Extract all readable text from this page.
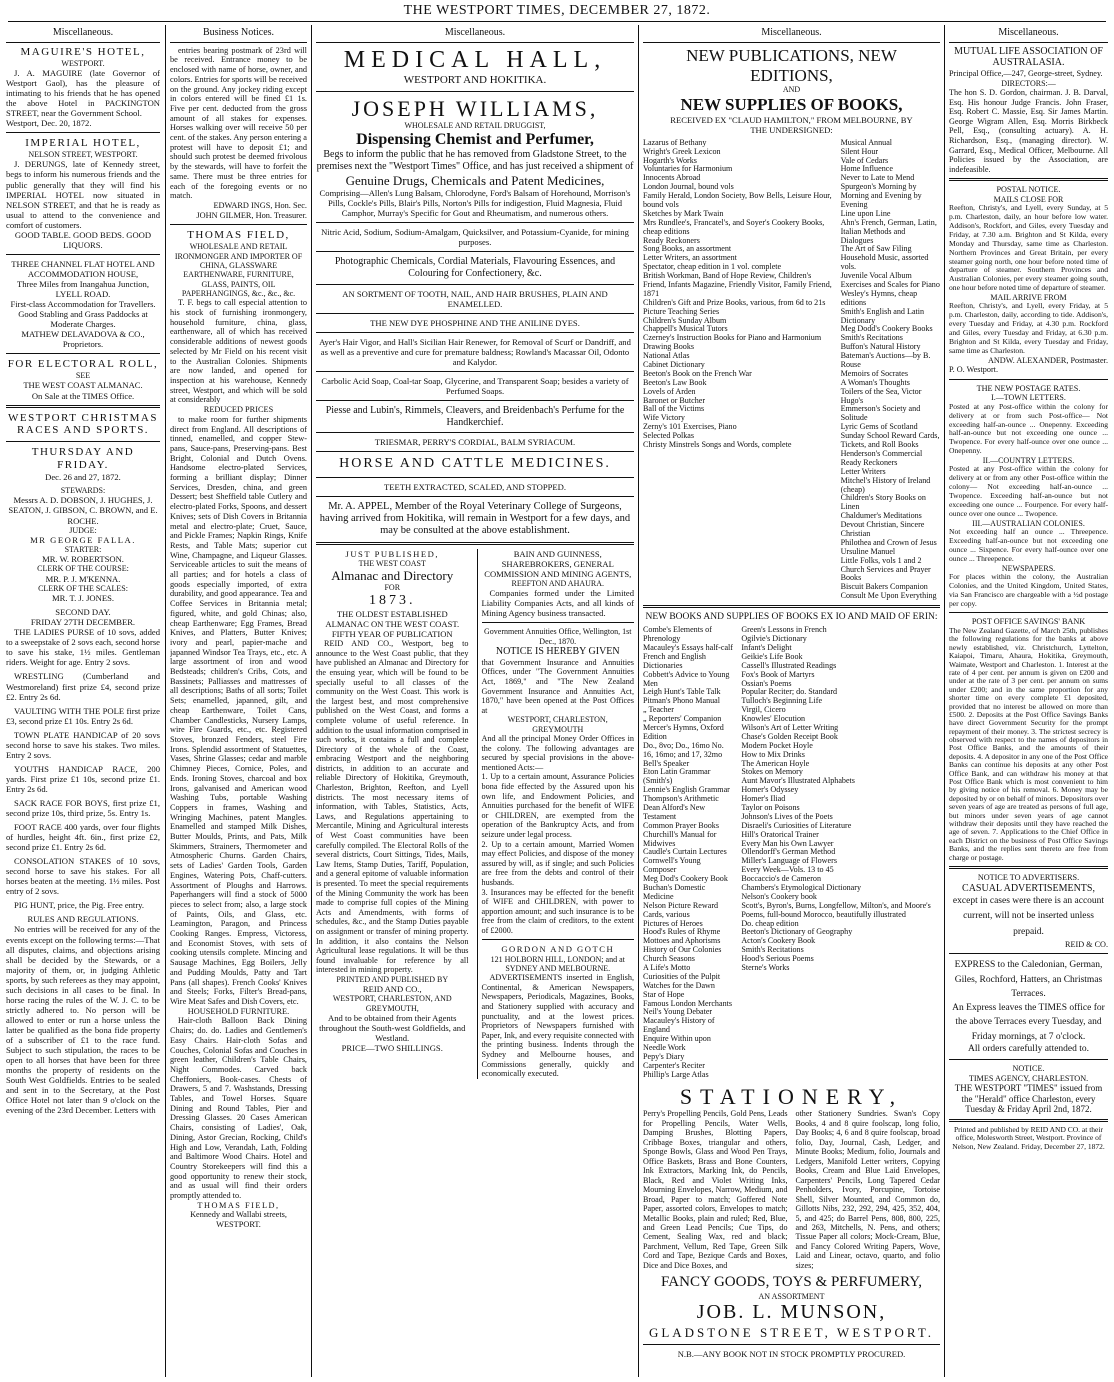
THE WESTPORT TIMES, DECEMBER 27, 1872.
Miscellaneous.
MAGUIRE'S HOTEL,
WESTPORT.
J. A. MAGUIRE (late Governor of Westport Gaol), has the pleasure of intimating to his friends that he has opened the above Hotel in PACKINGTON STREET, near the Government School.
Westport, Dec. 20, 1872.
IMPERIAL HOTEL,
NELSON STREET, WESTPORT.
J. DERUNGS, late of Kennedy street, begs to inform his numerous friends and the public generally that they will find his IMPERIAL HOTEL now situated in NELSON STREET, and that he is ready as usual to attend to the convenience and comfort of customers.
GOOD TABLE. GOOD BEDS. GOOD LIQUORS.
THREE CHANNEL FLAT HOTEL AND ACCOMMODATION HOUSE,
Three Miles from Inangahua Junction, LYELL ROAD.
First-class Accommodation for Travellers.
Good Stabling and Grass Paddocks at Moderate Charges.
MATHEW DELAVADOVA & CO., Proprietors.
FOR ELECTORAL ROLL,
SEE
THE WEST COAST ALMANAC.
On Sale at the TIMES Office.
WESTPORT CHRISTMAS RACES AND SPORTS.
THURSDAY AND FRIDAY.
Dec. 26 and 27, 1872.
STEWARDS:
Messrs A. D. DOBSON, J. HUGHES, J. SEATON, J. GIBSON, C. BROWN, and E. ROCHE.
JUDGE:
MR GEORGE FALLA.
STARTER:
MR. W. ROBERTSON.
CLERK OF THE COURSE:
MR. P. J. M'KENNA.
CLERK OF THE SCALES:
MR. T. J. JONES.
SECOND DAY.
FRIDAY 27TH DECEMBER.
THE LADIES PURSE of 10 sovs, added to a sweepstake of 2 sovs each, second horse to save his stake, 1½ miles. Gentleman riders. Weight for age. Entry 2 sovs.
WRESTLING (Cumberland and Westmoreland) first prize £4, second prize £2. Entry 2s 6d.
VAULTING WITH THE POLE first prize £3, second prize £1 10s. Entry 2s 6d.
TOWN PLATE HANDICAP of 20 sovs second horse to save his stakes. Two miles. Entry 2 sovs.
YOUTHS HANDICAP RACE, 200 yards. First prize £1 10s, second prize £1. Entry 2s 6d.
SACK RACE FOR BOYS, first prize £1, second prize 10s, third prize, 5s. Entry 1s.
FOOT RACE 400 yards, over four flights of hurdles, height 4ft. 6in., first prize £2, second prize £1. Entry 2s 6d.
CONSOLATION STAKES of 10 sovs, second horse to save his stakes. For all horses beaten at the meeting. 1½ miles. Post entry of 2 sovs.
PIG HUNT, price, the Pig. Free entry.
RULES AND REGULATIONS.
No entries will be received for any of the events except on the following terms:—That all disputes, claims, and objections arising shall be decided by the Stewards, or a majority of them, or, in judging Athletic sports, by such referees as they may appoint, such decisions in all cases to be final. In horse racing the rules of the W. J. C. to be strictly adhered to. No person will be allowed to enter or run a horse unless the latter be qualified as the bona fide property of a subscriber of £1 to the race fund. Subject to such stipulation, the races to be open to all horses that have been for three months the property of residents on the South West Goldfields. Entries to be sealed and sent in to the Secretary, at the Post Office Hotel not later than 9 o'clock on the evening of the 23rd December. Letters with
Business Notices.
entries bearing postmark of 23rd will be received. Entrance money to be enclosed with name of horse, owner, and colors. Entries for sports will be received on the ground. Any jockey riding except in colors entered will be fined £1 1s. Five per cent. deducted from the gross amount of all stakes for expenses. Horses walking over will receive 50 per cent. of the stakes. Any person entering a protest will have to deposit £1; and should such protest be deemed frivolous by the stewards, will have to forfeit the same. There must be three entries for each of the foregoing events or no match.
EDWARD INGS, Hon. Sec.
JOHN GILMER, Hon. Treasurer.
THOMAS FIELD,
WHOLESALE AND RETAIL IRONMONGER AND IMPORTER OF CHINA, GLASSWARE EARTHENWARE, FURNITURE, GLASS, PAINTS, OIL PAPERHANGINGS, &c., &c., &c.
T. F. begs to call especial attention to his stock of furnishing ironmongery, household furniture, china, glass, earthenware, all of which has received considerable additions of newest goods selected by Mr Field on his recent visit to the Australian Colonies. Shipments are now landed, and opened for inspection at his warehouse, Kennedy street, Westport, and which will be sold at considerably
REDUCED PRICES
to make room for further shipments direct from England. All descriptions of tinned, enamelled, and copper Stew-pans, Sauce-pans, Preserving-pans. Best Bright, Colonial and Dutch Ovens. Handsome electro-plated Services, forming a brilliant display; Dinner Services, Dresden, china, and green Dessert; best Sheffield table Cutlery and electro-plated Forks, Spoons, and dessert Knives; sets of Dish Covers in Britannia metal and electro-plate; Cruet, Sauce, and Pickle Frames; Napkin Rings, Knife Rests, and Table Mats; superior cut Wine, Champagne, and Liqueur Glasses. Serviceable articles to suit the means of all parties; and for hotels a class of goods especially imported, of extra durability, and good appearance. Tea and Coffee Services in Britannia metal; figured, white, and gold Chinas; also, cheap Earthenware; Egg Frames, Bread Knives, and Platters, Butter Knives; ivory and pearl, papier-mache and japanned Windsor Tea Trays, etc., etc. A large assortment of iron and wood Bedsteads; children's Cribs, Cots, and Bassinets; Palliasses and mattresses of all descriptions; Baths of all sorts; Toilet Sets; enamelled, japanned, gilt, and cheap Earthenware, Toilet Cans, Chamber Candlesticks, Nursery Lamps, wire Fire Guards, etc., etc. Registered Stoves, bronzed Fenders, steel Fire Irons. Splendid assortment of Statuettes, Vases, Shrine Glasses; cedar and marble Chimney Pieces, Cornice, Poles, and Ends. Ironing Stoves, charcoal and box Irons, galvanised and American wood Washing Tubs, portable Washing Coppers in frames, Washing and Wringing Machines, patent Mangles. Enamelled and stamped Milk Dishes, Butter Moulds, Prints, and Pats, Milk Skimmers, Strainers, Thermometer and Atmospheric Churns. Garden Chairs, sets of Ladies' Garden Tools, Garden Engines, Watering Pots, Chaff-cutters. Assortment of Ploughs and Harrows. Paperhangers will find a stock of 5000 pieces to select from; also, a large stock of Paints, Oils, and Glass, etc. Leamington, Paragon, and Princess Cooking Ranges. Empress, Victoress, and Economist Stoves, with sets of cooking utensils complete. Mincing and Sausage Machines, Egg Boilers, Jelly and Pudding Moulds, Patty and Tart Pans (all shapes). French Cooks' Knives and Steels; Forks, Filter's Bread-pans, Wire Meat Safes and Dish Covers, etc.
HOUSEHOLD FURNITURE.
Hair-cloth Balloon Back Dining Chairs; do. do. Ladies and Gentlemen's Easy Chairs. Hair-cloth Sofas and Couches, Colonial Sofas and Couches in green leather, Children's Table Chairs, Night Commodes. Carved back Cheffoniers, Book-cases. Chests of Drawers, 5 and 7. Washstands, Dressing Tables, and Towel Horses. Square Dining and Round Tables, Pier and Dressing Glasses. 20 Cases American Chairs, consisting of Ladies', Oak, Dining, Astor Grecian, Rocking, Child's High and Low, Verandah, Lath, Folding and Baltimore Wood Chairs. Hotel and Country Storekeepers will find this a good opportunity to renew their stock, and as usual will find their orders promptly attended to.
THOMAS FIELD,
Kennedy and Wallabi streets, WESTPORT.
Miscellaneous.
MEDICAL HALL,
WESTPORT AND HOKITIKA.
JOSEPH WILLIAMS,
WHOLESALE AND RETAIL DRUGGIST,
Dispensing Chemist and Perfumer,
Begs to inform the public that he has removed from Gladstone Street, to the premises next the "Westport Times" Office, and has just received a shipment of
Genuine Drugs, Chemicals and Patent Medicines,
Comprising—Allen's Lung Balsam, Chlorodyne, Ford's Balsam of Horehound, Morrison's Pills, Cockle's Pills, Blair's Pills, Norton's Pills for indigestion, Fluid Magnesia, Fluid Camphor, Murray's Specific for Gout and Rheumatism, and numerous others.
Nitric Acid, Sodium, Sodium-Amalgam, Quicksilver, and Potassium-Cyanide, for mining purposes.
Photographic Chemicals, Cordial Materials, Flavouring Essences, and Colouring for Confectionery, &c.
AN SORTMENT OF TOOTH, NAIL, AND HAIR BRUSHES, PLAIN AND ENAMELLED.
THE NEW DYE PHOSPHINE AND THE ANILINE DYES.
Ayer's Hair Vigor, and Hall's Sicilian Hair Renewer, for Removal of Scurf or Dandriff, and as well as a preventive and cure for premature baldness; Rowland's Macassar Oil, Odonto and Kalydor.
Carbolic Acid Soap, Coal-tar Soap, Glycerine, and Transparent Soap; besides a variety of Perfumed Soaps.
Piesse and Lubin's, Rimmels, Cleavers, and Breidenbach's Perfume for the Handkerchief.
TRIESMAR, PERRY'S CORDIAL, BALM SYRIACUM.
HORSE AND CATTLE MEDICINES.
TEETH EXTRACTED, SCALED, AND STOPPED.
Mr. A. APPEL, Member of the Royal Veterinary College of Surgeons, having arrived from Hokitika, will remain in Westport for a few days, and may be consulted at the above establishment.
JUST PUBLISHED,
THE WEST COAST
Almanac and Directory
FOR
1873.
THE OLDEST ESTABLISHED ALMANAC ON THE WEST COAST.
FIFTH YEAR OF PUBLICATION
REID AND CO., Westport, beg to announce to the West Coast public, that they have published an Almanac and Directory for the ensuing year, which will be found to be specially useful to all classes of the community on the West Coast. This work is the largest best, and most comprehensive published on the West Coast, and forms a complete volume of useful reference. In addition to the usual information comprised in such works, it contains a full and complete Directory of the whole of the Coast, embracing Westport and the neighboring districts, in addition to an accurate and reliable Directory of Hokitika, Greymouth, Charleston, Brighton, Reefton, and Lyell districts. The most necessary items of information, with Tables, Statistics, Acts, Laws, and Regulations appertaining to Mercantile, Mining and Agricultural interests of West Coast communities have been carefully compiled. The Electoral Rolls of the several districts, Court Sittings, Tides, Mails, Law Items, Stamp Duties, Tariff, Population, and a general epitome of valuable information is presented. To meet the special requirements of the Mining Community the work has been made to comprise full copies of the Mining Acts and Amendments, with forms of schedules, &c., and the Stamp Duties payable on assignment or transfer of mining property. In addition, it also contains the Nelson Agricultural lease regulations. It will be thus found invaluable for reference by all interested in mining property.
PRINTED AND PUBLISHED BY
REID AND CO.,
WESTPORT, CHARLESTON, AND GREYMOUTH,
And to be obtained from their Agents throughout the South-west Goldfields, and Westland.
PRICE—TWO SHILLINGS.
BAIN AND GUINNESS, SHAREBROKERS, GENERAL COMMISSION AND MINING AGENTS,
REEFTON AND AHAURA.
Companies formed under the Limited Liability Companies Acts, and all kinds of Mining Agency business transacted.
Government Annuities Office, Wellington, 1st Dec., 1870.
NOTICE IS HEREBY GIVEN
that Government Insurance and Annuities Offices, under "The Government Annuities Act, 1869," and "The New Zealand Government Insurance and Annuities Act, 1870," have been opened at the Post Offices at
WESTPORT, CHARLESTON, GREYMOUTH
And all the principal Money Order Offices in the colony. The following advantages are secured by special provisions in the above-mentioned Acts:—
1. Up to a certain amount, Assurance Policies bona fide effected by the Assured upon his own life, and Endowment Policies, and Annuities purchased for the benefit of WIFE or CHILDREN, are exempted from the operation of the Bankruptcy Acts, and from seizure under legal process.
2. Up to a certain amount, Married Women may effect Policies, and dispose of the money assured by will, as if single; and such Policies are free from the debts and control of their husbands.
3. Insurances may be effected for the benefit of WIFE and CHILDREN, with power to apportion amount; and such insurance is to be free from the claim of creditors, to the extent of £2000.
GORDON AND GOTCH
121 HOLBORN HILL, LONDON; and at SYDNEY AND MELBOURNE.
ADVERTISEMENTS inserted in English, Continental, & American Newspapers, Newspapers, Periodicals, Magazines, Books, and Stationery supplied with accuracy and punctuality, and at the lowest prices. Proprietors of Newspapers furnished with Paper, Ink, and every requisite connected with the printing business. Indents through the Sydney and Melbourne houses, and Commissions generally, quickly and economically executed.
Miscellaneous.
NEW PUBLICATIONS, NEW EDITIONS,
AND
NEW SUPPLIES OF BOOKS,
RECEIVED EX "CLAUD HAMILTON," FROM MELBOURNE, BY
THE UNDERSIGNED:
Lazarus of Bethany
Wright's Greek Lexicon
Hogarth's Works
Voluntaries for Harmonium
Innocents Abroad
London Journal, bound vols
Family Herald, London Society, Bow Bells, Leisure Hour, bound vols
Sketches by Mark Twain
Mrs Rundlee's, Francatel's, and Soyer's Cookery Books, cheap editions
Ready Reckoners
Song Books, an assortment
Letter Writers, an assortment
Spectator, cheap edition in 1 vol. complete
British Workman, Band of Hope Review, Children's Friend, Infants Magazine, Friendly Visitor, Family Friend, 1871
Children's Gift and Prize Books, various, from 6d to 21s
Picture Teaching Series
Children's Sunday Album
Chappell's Musical Tutors
Czerney's Instruction Books for Piano and Harmonium
Drawing Books
National Atlas
Cabinet Dictionary
Beeton's Book on the French War
Beeton's Law Book
Lovels of Arden
Baronet or Butcher
Ball of the Victims
Wife Victory
Zerny's 101 Exercises, Piano
Selected Polkas
Christy Minstrels Songs and Words, complete
Musical Annual
Silent Hour
Vale of Cedars
Home Influence
Never to Late to Mend
Spurgeon's Morning by Morning and Evening by Evening
Line upon Line
Ahn's French, German, Latin, Italian Methods and Dialogues
The Art of Saw Filing
Household Music, assorted vols.
Juvenile Vocal Album
Exercises and Scales for Piano
Wesley's Hymns, cheap editions
Smith's English and Latin Dictionary
Meg Dodd's Cookery Books
Smith's Recitations
Buffon's Natural History
Bateman's Auctions—by B. Rouse
Memoirs of Socrates
A Woman's Thoughts
Toilers of the Sea, Victor Hugo's
Emmerson's Society and Solitude
Lyric Gems of Scotland
Sunday School Reward Cards, Tickets, and Roll Books
Henderson's Commercial Ready Reckoners
Letter Writers
Mitchel's History of Ireland (cheap)
Children's Story Books on Linen
Chaldumer's Meditations
Devout Christian, Sincere Christian
Philothea and Crown of Jesus
Ursuline Manuel
Little Folks, vols 1 and 2
Church Services and Prayer Books
Biscuit Bakers Companion
Consult Me Upon Everything
NEW BOOKS AND SUPPLIES OF BOOKS EX IO AND MAID OF ERIN:
Combe's Elements of Phrenology
Macauley's Essays half-calf
French and English Dictionaries
Cobbett's Advice to Young Men
Leigh Hunt's Table Talk
Pitman's Phono Manual
„ Teacher
„ Reporters' Companion
Mercer's Hymns, Oxford Edition
Do., 8vo; Do., 16mo No. 16, 16mo; and 17, 32mo
Bell's Speaker
Eton Latin Grammar (Smith's)
Lennie's English Grammar
Thompson's Arithmetic
Dean Alford's New Testament
Common Prayer Books
Churchill's Manual for Midwives
Caudle's Curtain Lectures
Cornwell's Young Composer
Meg Dod's Cookery Book
Buchan's Domestic Medicine
Nelson Picture Reward Cards, various
Pictures of Heroes
Hood's Rules of Rhyme
Mottoes and Aphorisms
History of Our Colonies
Church Seasons
A Life's Motto
Curiosities of the Pulpit
Watches for the Dawn
Star of Hope
Famous London Merchants
Neil's Young Debater
Macauley's History of England
Enquire Within upon Needle Work
Pepy's Diary
Carpenter's Reciter
Phillip's Large Atlas
Green's Lessons in French
Ogilvie's Dictionary
Infant's Delight
Geikie's Life Book
Cassell's Illustrated Readings
Fox's Book of Martyrs
Ossian's Poems
Popular Reciter; do. Standard
Tulloch's Beginning Life
Virgil, Cicero
Knowles' Elocution
Wilson's Art of Letter Writing
Chase's Golden Receipt Book
Modern Pocket Hoyle
How to Mix Drinks
The American Hoyle
Stokes on Memory
Aunt Mavor's Illustrated Alphabets
Homer's Odyssey
Homer's Iliad
Taylor on Poisons
Johnson's Lives of the Poets
Disraeli's Curiosities of Literature
Hill's Oratorical Trainer
Every Man his Own Lawyer
Ollendorff's German Method
Miller's Language of Flowers
Every Week—Vols. 13 to 45
Boccaccio's de Cameron
Chambers's Etymological Dictionary
Nelson's Cookery book
Scott's, Byron's, Burns, Longfellow, Milton's, and Moore's Poems, full-bound Morocco, beautifully illustrated
Do. cheap edition
Beeton's Dictionary of Geography
Acton's Cookery Book
Smith's Recitations
Hood's Serious Poems
Sterne's Works
STATIONERY,
Perry's Propelling Pencils, Gold Pens, Leads for Propelling Pencils, Water Wells, Damping Brushes, Blotting Papers, Cribbage Boxes, triangular and others, Sponge Bowls, Glass and Wood Pen Trays, Office Baskets, Brass and Bone Counters, Ink Extractors, Marking Ink, do Pencils, Black, Red and Violet Writing Inks, Mourning Envelopes, Narrow, Medium, and Broad, Paper to match; Goffered Note Paper, assorted colors, Envelopes to match; Metallic Books, plain and ruled; Red, Blue, and Green Lead Pencils; Cue Tips, do Cement, Sealing Wax, red and black; Parchment, Vellum, Red Tape, Green Silk Cord and Tape, Bezique Cards and Boxes, Dice and Dice Boxes, and
other Stationery Sundries. Swan's Copy Books, 4 and 8 quire foolscap, long folio, Day Books; 4, 6 and 8 quire foolscap, broad folio, Day, Journal, Cash, Ledger, and Minute Books; Medium, folio, Journals and Ledgers, Manifold Letter writers, Copying Books, Cream and Blue Laid Envelopes, Carpenters' Pencils, Long Tapered Cedar Penholders, Ivory, Porcupine, Tortoise Shell, Silver Mounted, and Common do, Gillotts Nibs, 232, 292, 294, 425, 352, 404, 5, and 425; do Barrel Pens, 808, 800, 225, and 263, Mitchells, N. Pens, and others; Tissue Paper all colors; Mock-Cream, Blue, and Fancy Colored Writing Papers, Wove, Laid and Linear, octavo, quarto, and folio sizes;
FANCY GOODS, TOYS & PERFUMERY,
AN ASSORTMENT
JOB. L. MUNSON,
GLADSTONE STREET, WESTPORT.
N.B.—ANY BOOK NOT IN STOCK PROMPTLY PROCURED.
Miscellaneous.
MUTUAL LIFE ASSOCIATION OF AUSTRALASIA.
Principal Office,—247, George-street, Sydney.
DIRECTORS:—
The hon S. D. Gordon, chairman. J. B. Darval, Esq. His honour Judge Francis. John Fraser, Esq. Robert C. Massie, Esq. Sir James Martin. George Wigram Allen, Esq. Morris Birkbeck Pell, Esq., (consulting actuary). A. H. Richardson, Esq., (managing director). W. Garrard, Esq., Medical Officer, Melbourne. All Policies issued by the Association, are indefeasible.
POSTAL NOTICE.
MAILS CLOSE FOR
Reefton, Christy's, and Lyell, every Sunday, at 5 p.m. Charleston, daily, an hour before low water. Addison's, Rockfort, and Giles, every Tuesday and Friday, at 7.30 a.m. Brighton and St Kilda, every Monday and Thursday, same time as Charleston. Northern Provinces and Great Britain, per every steamer going north, one hour before noted time of departure of steamer. Southern Provinces and Australian Colonies, per every steamer going south, one hour before noted time of departure of steamer.
MAIL ARRIVE FROM
Reefton, Christy's, and Lyell, every Friday, at 5 p.m. Charleston, daily, according to tide. Addison's, every Tuesday and Friday, at 4.30 p.m. Rockford and Giles, every Tuesday and Friday, at 6.30 p.m. Brighton and St Kilda, every Tuesday and Friday, same time as Charleston.
ANDW. ALEXANDER, Postmaster.
P. O. Westport.
THE NEW POSTAGE RATES.
I.—TOWN LETTERS.
Posted at any Post-office within the colony for delivery at or from such Post-office— Not exceeding half-an-ounce ... Onepenny. Exceeding half-an-ounce but not exceeding one ounce ... Twopence. For every half-ounce over one ounce ... Onepenny.
II.—COUNTRY LETTERS.
Posted at any Post-office within the colony for delivery at or from any other Post-office within the colony— Not exceeding half-an-ounce ... Twopence. Exceeding half-an-ounce but not exceeding one ounce ... Fourpence. For every half-ounce over one ounce ... Twopence.
III.—AUSTRALIAN COLONIES.
Not exceeding half an ounce ... Threepence. Exceeding half-an-ounce but not exceeding one ounce ... Sixpence. For every half-ounce over one ounce ... Threepence.
NEWSPAPERS.
For places within the colony, the Australian Colonies, and the United Kingdom, United States, via San Francisco are chargeable with a ½d postage per copy.
POST OFFICE SAVINGS' BANK
The New Zealand Gazette, of March 25th, publishes the following regulations for the banks at above newly established, viz. Christchurch, Lyttelton, Kaiapoi, Timaru, Ahaura, Hokitika, Greymouth, Waimate, Westport and Charleston. 1. Interest at the rate of 4 per cent. per annum is given on £200 and under at the rate of 3 per cent. per annum on sums under £200; and in the same proportion for any shorter time on every complete £1 deposited, provided that no interest be allowed on more than £500. 2. Deposits at the Post Office Savings Banks have direct Government Security for the prompt repayment of their money. 3. The strictest secrecy is observed with respect to the names of depositors in Post Office Banks, and the amounts of their deposits. 4. A depositor in any one of the Post Office Banks can continue his deposits at any other Post Office Bank, and can withdraw his money at that Post Office Bank which is most convenient to him by giving notice of his removal. 6. Money may be deposited by or on behalf of minors. Depositors over seven years of age are treated as persons of full age, but minors under seven years of age cannot withdraw their deposits until they have reached the age of seven. 7. Applications to the Chief Office in each District on the business of Post Office Savings Banks, and the replies sent thereto are free from charge or postage.
NOTICE TO ADVERTISERS.
CASUAL ADVERTISEMENTS,
except in cases were there is an account current, will not be inserted unless prepaid.
REID & CO.
EXPRESS to the Caledonian, German, Giles, Rochford, Hatters, an Christmas Terraces.
An Express leaves the TIMES office for the above Terraces every Tuesday, and Friday mornings, at 7 o'clock.
All orders carefully attended to.
NOTICE.
TIMES AGENCY, CHARLESTON.
THE WESTPORT "TIMES" issued from the "Herald" office Charleston, every Tuesday & Friday April 2nd, 1872.
Printed and published by REID AND CO. at their office, Molesworth Street, Westport. Province of Nelson, New Zealand. Friday, December 27, 1872.
